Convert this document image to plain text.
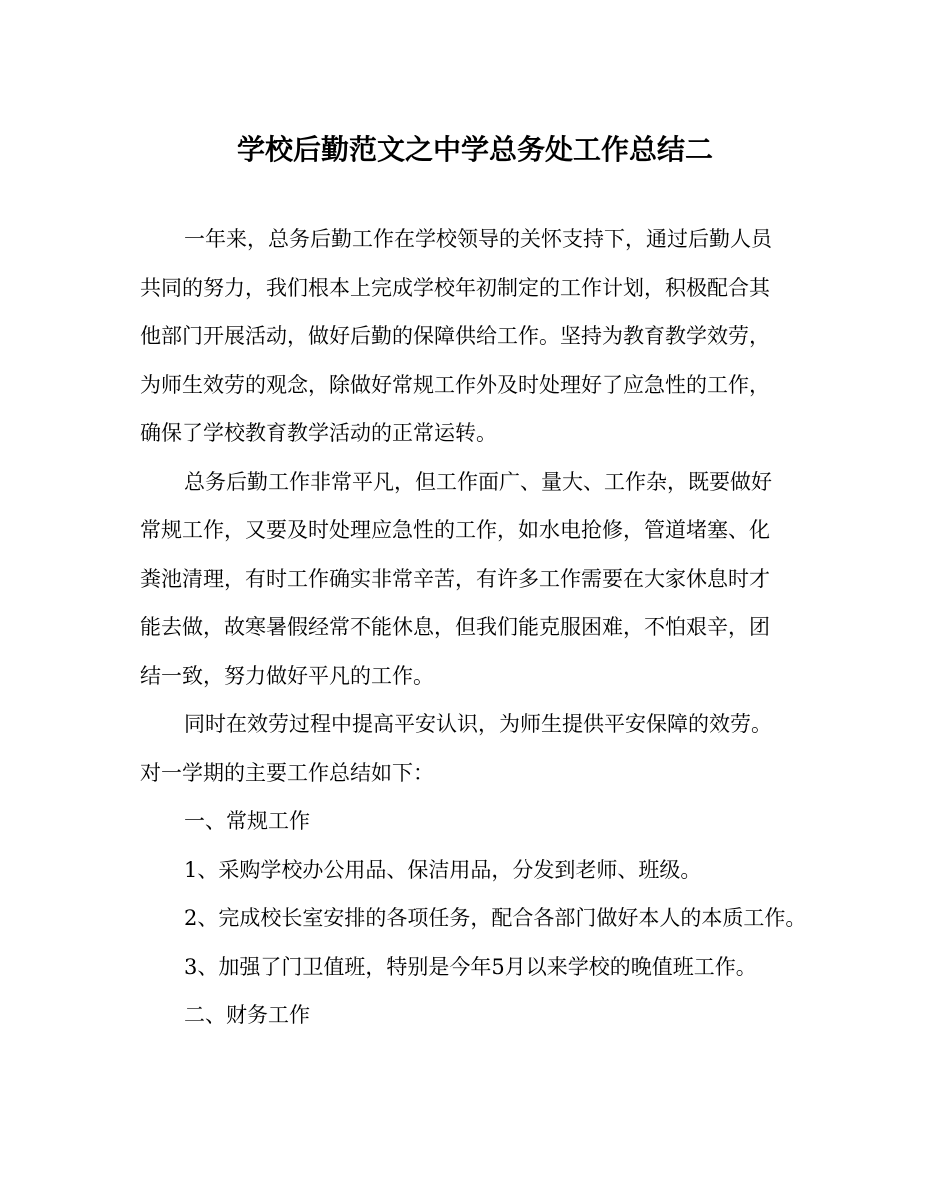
学校后勤范文之中学总务处工作总结二
一年来，总务后勤工作在学校领导的关怀支持下，通过后勤人员
共同的努力，我们根本上完成学校年初制定的工作计划，积极配合其
他部门开展活动，做好后勤的保障供给工作。坚持为教育教学效劳，
为师生效劳的观念，除做好常规工作外及时处理好了应急性的工作，
确保了学校教育教学活动的正常运转。
总务后勤工作非常平凡，但工作面广、量大、工作杂，既要做好
常规工作，又要及时处理应急性的工作，如水电抢修，管道堵塞、化
粪池清理，有时工作确实非常辛苦，有许多工作需要在大家休息时才
能去做，故寒暑假经常不能休息，但我们能克服困难，不怕艰辛，团
结一致，努力做好平凡的工作。
同时在效劳过程中提高平安认识，为师生提供平安保障的效劳。
对一学期的主要工作总结如下：
一、常规工作
1、采购学校办公用品、保洁用品，分发到老师、班级。
2、完成校长室安排的各项任务，配合各部门做好本人的本质工作。
3、加强了门卫值班，特别是今年5月以来学校的晚值班工作。
二、财务工作
